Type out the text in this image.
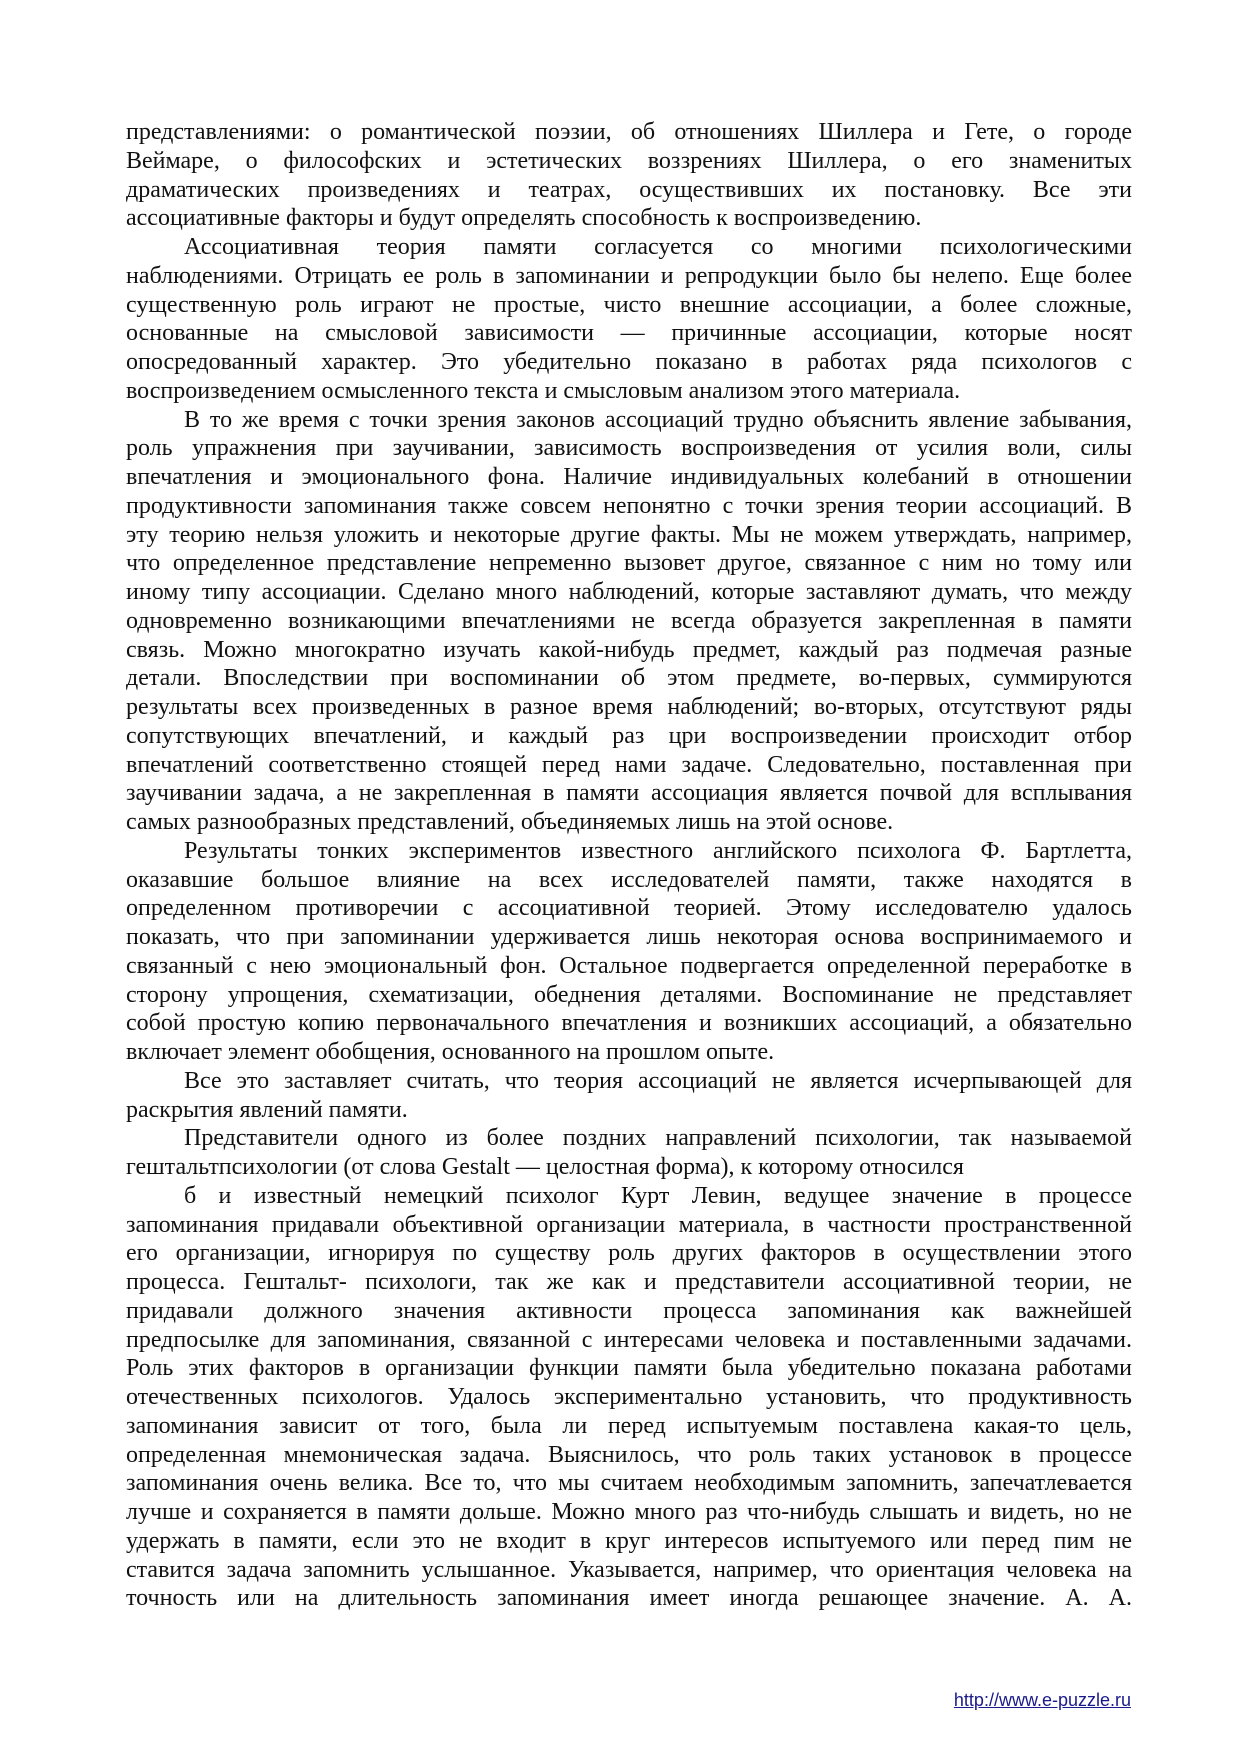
представлениями: о романтической поэзии, об отношениях Шиллера и Гете, о городе
Веймаре, о философских и эстетических воззрениях Шиллера, о его знаменитых
драматических произведениях и театрах, осуществивших их постановку. Все эти
ассоциативные факторы и будут определять способность к воспроизведению.
Ассоциативная теория памяти согласуется со многими психологическими
наблюдениями. Отрицать ее роль в запоминании и репродукции было бы нелепо. Еще более
существенную роль играют не простые, чисто внешние ассоциации, а более сложные,
основанные на смысловой зависимости — причинные ассоциации, которые носят
опосредованный характер. Это убедительно показано в работах ряда психологов с
воспроизведением осмысленного текста и смысловым анализом этого материала.
В то же время с точки зрения законов ассоциаций трудно объяснить явление забывания,
роль упражнения при заучивании, зависимость воспроизведения от усилия воли, силы
впечатления и эмоционального фона. Наличие индивидуальных колебаний в отношении
продуктивности запоминания также совсем непонятно с точки зрения теории ассоциаций. В
эту теорию нельзя уложить и некоторые другие факты. Мы не можем утверждать, например,
что определенное представление непременно вызовет другое, связанное с ним но тому или
иному типу ассоциации. Сделано много наблюдений, которые заставляют думать, что между
одновременно возникающими впечатлениями не всегда образуется закрепленная в памяти
связь. Можно многократно изучать какой-нибудь предмет, каждый раз подмечая разные
детали. Впоследствии при воспоминании об этом предмете, во-первых, суммируются
результаты всех произведенных в разное время наблюдений; во-вторых, отсутствуют ряды
сопутствующих впечатлений, и каждый раз цри воспроизведении происходит отбор
впечатлений соответственно стоящей перед нами задаче. Следовательно, поставленная при
заучивании задача, а не закрепленная в памяти ассоциация является почвой для всплывания
самых разнообразных представлений, объединяемых лишь на этой основе.
Результаты тонких экспериментов известного английского психолога Ф. Бартлетта,
оказавшие большое влияние на всех исследователей памяти, также находятся в
определенном противоречии с ассоциативной теорией. Этому исследователю удалось
показать, что при запоминании удерживается лишь некоторая основа воспринимаемого и
связанный с нею эмоциональный фон. Остальное подвергается определенной переработке в
сторону упрощения, схематизации, обеднения деталями. Воспоминание не представляет
собой простую копию первоначального впечатления и возникших ассоциаций, а обязательно
включает элемент обобщения, основанного на прошлом опыте.
Все это заставляет считать, что теория ассоциаций не является исчерпывающей для
раскрытия явлений памяти.
Представители одного из более поздних направлений психологии, так называемой
гештальтпсихологии (от слова Gestalt — целостная форма), к которому относился
б и известный немецкий психолог Курт Левин, ведущее значение в процессе
запоминания придавали объективной организации материала, в частности пространственной
его организации, игнорируя по существу роль других факторов в осуществлении этого
процесса. Гештальт- психологи, так же как и представители ассоциативной теории, не
придавали должного значения активности процесса запоминания как важнейшей
предпосылке для запоминания, связанной с интересами человека и поставленными задачами.
Роль этих факторов в организации функции памяти была убедительно показана работами
отечественных психологов. Удалось экспериментально установить, что продуктивность
запоминания зависит от того, была ли перед испытуемым поставлена какая-то цель,
определенная мнемоническая задача. Выяснилось, что роль таких установок в процессе
запоминания очень велика. Все то, что мы считаем необходимым запомнить, запечатлевается
лучше и сохраняется в памяти дольше. Можно много раз что-нибудь слышать и видеть, но не
удержать в памяти, если это не входит в круг интересов испытуемого или перед пим не
ставится задача запомнить услышанное. Указывается, например, что ориентация человека на
точность или на длительность запоминания имеет иногда решающее значение. А. А.
http://www.e-puzzle.ru
